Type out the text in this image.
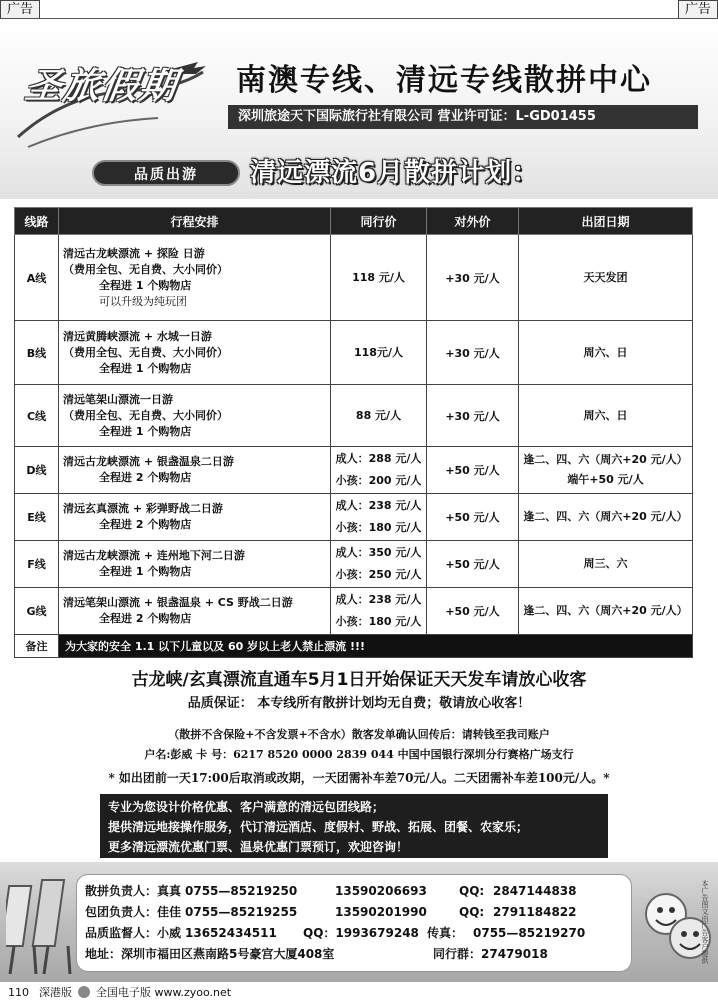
广告	广告
圣旅假期 南澳专线、清远专线散拼中心
深圳旅途天下国际旅行社有限公司 营业许可证：L-GD01455
品质出游	清远漂流6月散拼计划：
线路	行程安排	同行价	对外价	出团日期
A线	清远古龙峡漂流 + 探险 日游
（费用全包、无自费、大小同价）
全程进 1 个购物店
可以升级为纯玩团	118 元/人	+30 元/人	天天发团
B线	清远黄腾峡漂流 + 水城一日游
（费用全包、无自费、大小同价）
全程进 1 个购物店	118元/人	+30 元/人	周六、日
C线	清远笔架山漂流一日游
（费用全包、无自费、大小同价）
全程进 1 个购物店	88 元/人	+30 元/人	周六、日
D线	清远古龙峡漂流 + 银盏温泉二日游
全程进 2 个购物店	成人：288 元/人
小孩：200 元/人	+50 元/人	逢二、四、六（周六+20 元/人）
端午+50 元/人
E线	清远玄真漂流 + 彩弹野战二日游
全程进 2 个购物店	成人：238 元/人
小孩：180 元/人	+50 元/人	逢二、四、六（周六+20 元/人）
F线	清远古龙峡漂流 + 连州地下河二日游
全程进 1 个购物店	成人：350 元/人
小孩：250 元/人	+50 元/人	周三、六
G线	清远笔架山漂流 + 银盏温泉 + CS 野战二日游
全程进 2 个购物店	成人：238 元/人
小孩：180 元/人	+50 元/人	逢二、四、六（周六+20 元/人）
备注	为大家的安全 1.1 以下儿童以及 60 岁以上老人禁止漂流 !!!			
古龙峡/玄真漂流直通车5月1日开始保证天天发车请放心收客
品质保证： 本专线所有散拼计划均无自费；敬请放心收客！
（散拼不含保险+不含发票+不含水）散客发单确认回传后：请转钱至我司账户
户名:彭威 卡 号：6217 8520 0000 2839 044 中国中国银行深圳分行赛格广场支行
* 如出团前一天17:00后取消或改期，一天团需补车差70元/人。二天团需补车差100元/人。*
专业为您设计价格优惠、客户满意的清远包团线路；
提供清远地接操作服务，代订清远酒店、度假村、野战、拓展、团餐、农家乐；
更多清远漂流优惠门票、温泉优惠门票预订，欢迎咨询！
散拼负责人：真真 0755—85219250	13590206693	QQ: 2847144838
包团负责人：佳佳 0755—85219255	13590201990	QQ: 2791184822
品质监督人：小威 13652434511	QQ：1993679248 传真： 0755—85219270
地址：深圳市福田区燕南路5号豪宫大厦408室	同行群： 27479018	本广告图文由广告客户提供
110 深港版 全国电子版 www.zyoo.net
